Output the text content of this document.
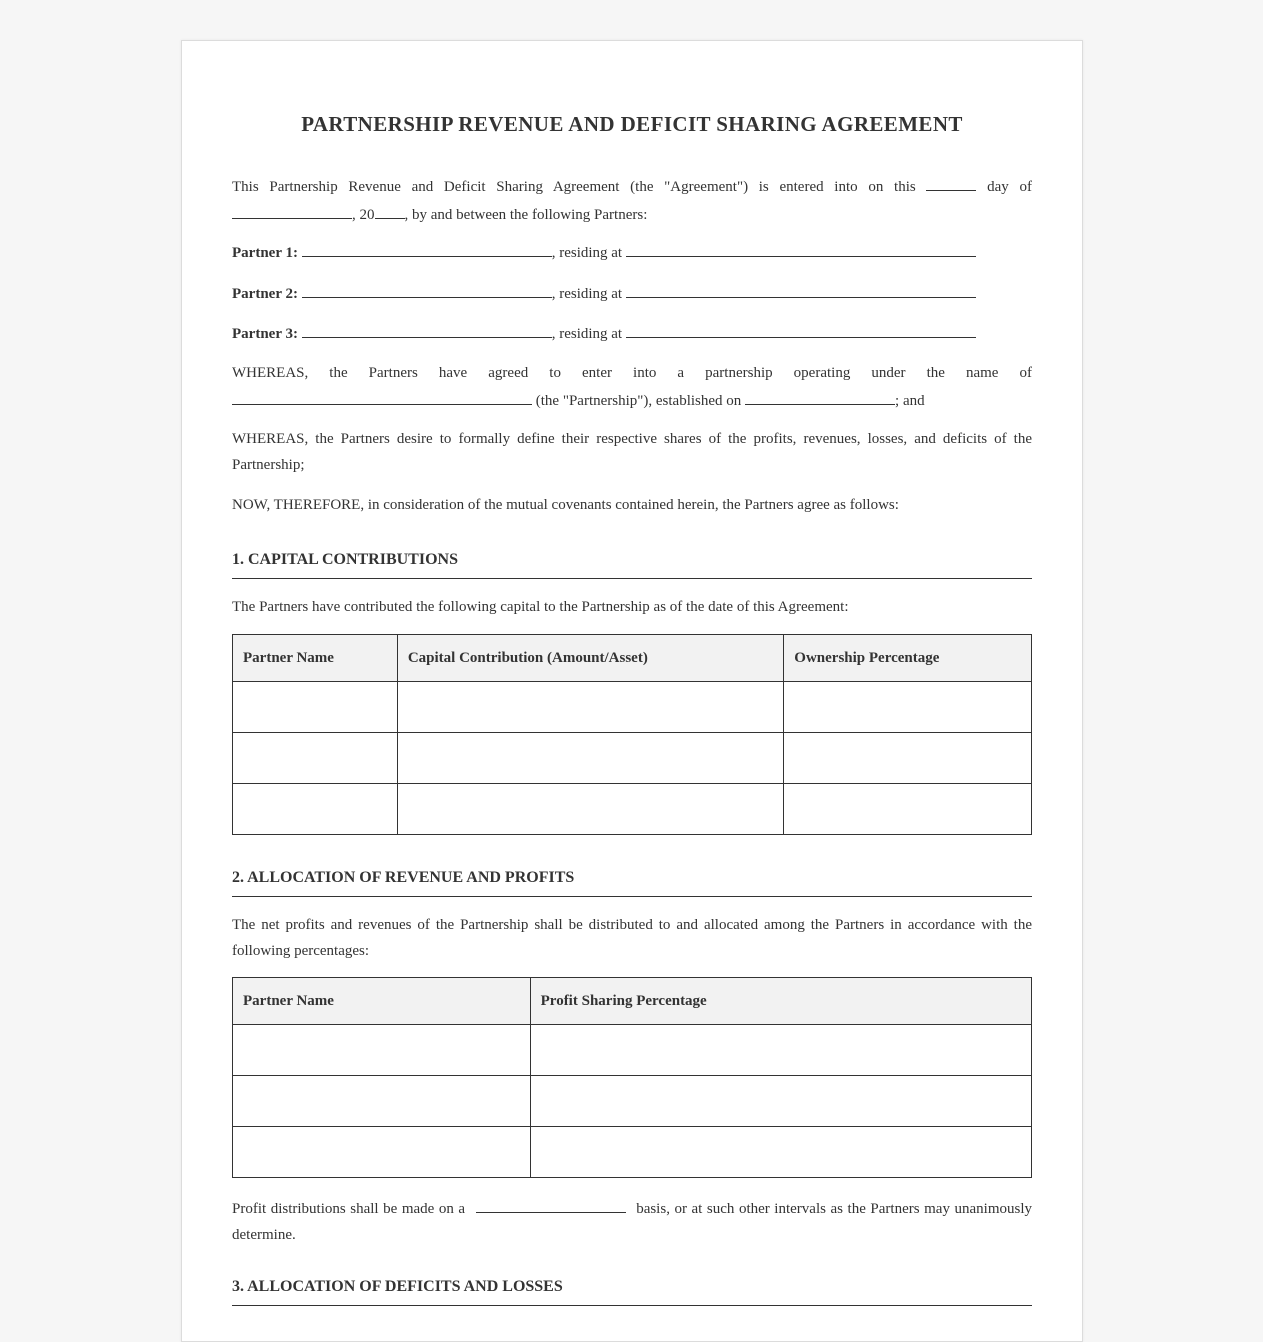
PARTNERSHIP REVENUE AND DEFICIT SHARING AGREEMENT
This Partnership Revenue and Deficit Sharing Agreement (the "Agreement") is entered into on this	day of
, 20 , by and between the following Partners:
Partner 1:	, residing at
Partner 2:	, residing at
Partner 3:	, residing at
WHEREAS, the Partners have agreed to enter into a partnership operating under the name of
(the "Partnership"), established on	; and
WHEREAS, the Partners desire to formally define their respective shares of the profits, revenues, losses, and deficits of the Partnership;
NOW, THEREFORE, in consideration of the mutual covenants contained herein, the Partners agree as follows:
1. CAPITAL CONTRIBUTIONS
The Partners have contributed the following capital to the Partnership as of the date of this Agreement:
Partner Name	Capital Contribution (Amount/Asset)	Ownership Percentage

2. ALLOCATION OF REVENUE AND PROFITS
The net profits and revenues of the Partnership shall be distributed to and allocated among the Partners in accordance with the following percentages:
Partner Name	Profit Sharing Percentage

Profit distributions shall be made on a	basis, or at such other intervals as the Partners may unanimously determine.
3. ALLOCATION OF DEFICITS AND LOSSES
